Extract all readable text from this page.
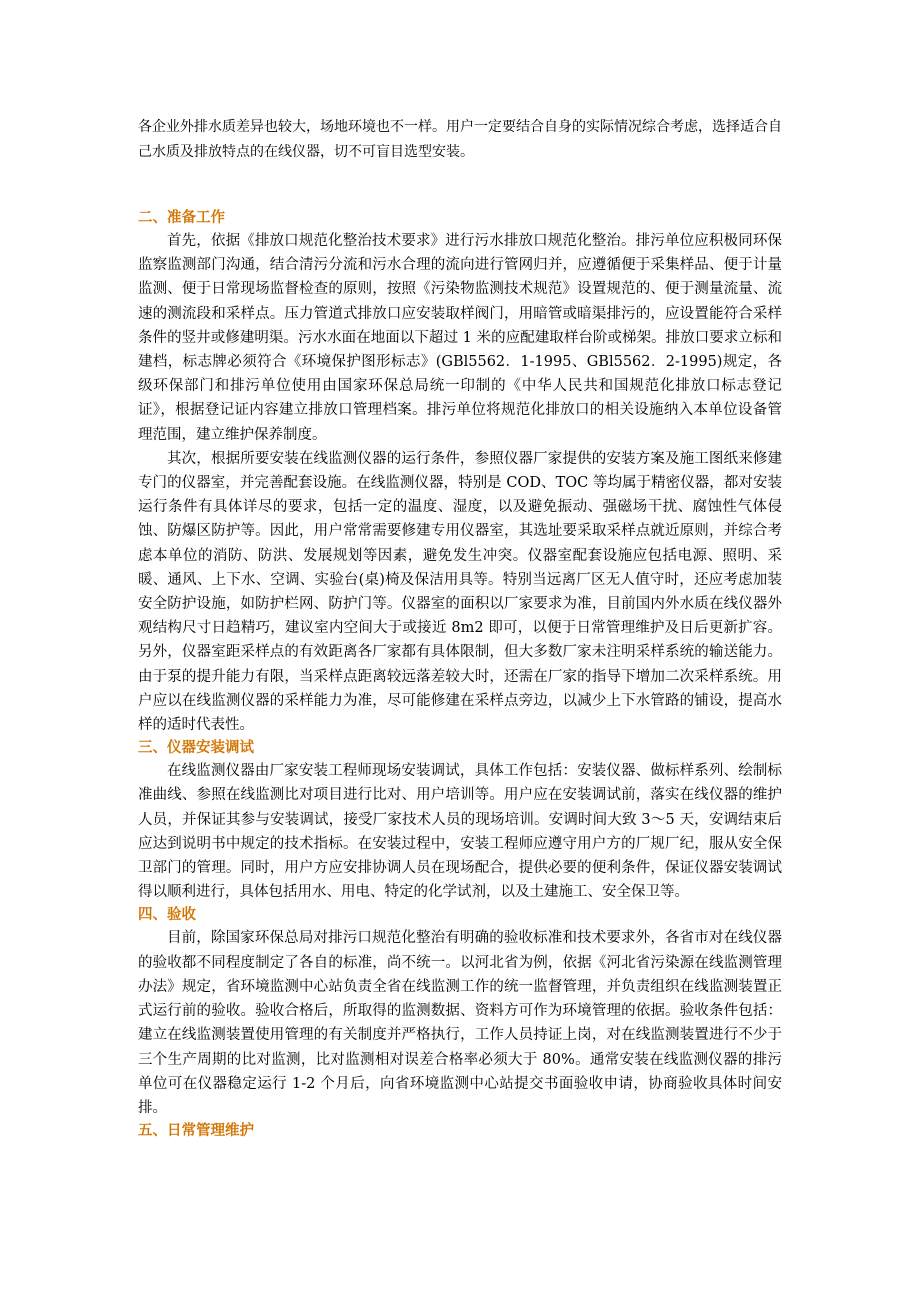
各企业外排水质差异也较大，场地环境也不一样。用户一定要结合自身的实际情况综合考虑，选择适合自己水质及排放特点的在线仪器，切不可盲目选型安装。

二、准备工作

首先，依据《排放口规范化整治技术要求》进行污水排放口规范化整治。排污单位应积极同环保监察监测部门沟通，结合清污分流和污水合理的流向进行管网归并，应遵循便于采集样品、便于计量监测、便于日常现场监督检查的原则，按照《污染物监测技术规范》设置规范的、便于测量流量、流速的测流段和采样点。压力管道式排放口应安装取样阀门，用暗管或暗渠排污的，应设置能符合采样条件的竖井或修建明渠。污水水面在地面以下超过 1 米的应配建取样台阶或梯架。排放口要求立标和建档，标志牌必须符合《环境保护图形标志》(GBl5562．1-1995、GBl5562．2-1995)规定，各级环保部门和排污单位使用由国家环保总局统一印制的《中华人民共和国规范化排放口标志登记证》，根据登记证内容建立排放口管理档案。排污单位将规范化排放口的相关设施纳入本单位设备管理范围，建立维护保养制度。

其次，根据所要安装在线监测仪器的运行条件，参照仪器厂家提供的安装方案及施工图纸来修建专门的仪器室，并完善配套设施。在线监测仪器，特别是 COD、TOC 等均属于精密仪器，都对安装运行条件有具体详尽的要求，包括一定的温度、湿度，以及避免振动、强磁场干扰、腐蚀性气体侵蚀、防爆区防护等。因此，用户常常需要修建专用仪器室，其选址要采取采样点就近原则，并综合考虑本单位的消防、防洪、发展规划等因素，避免发生冲突。仪器室配套设施应包括电源、照明、采暖、通风、上下水、空调、实验台(桌)椅及保洁用具等。特别当远离厂区无人值守时，还应考虑加装安全防护设施，如防护栏网、防护门等。仪器室的面积以厂家要求为准，目前国内外水质在线仪器外观结构尺寸日趋精巧，建议室内空间大于或接近 8m2 即可，以便于日常管理维护及日后更新扩容。另外，仪器室距采样点的有效距离各厂家都有具体限制，但大多数厂家未注明采样系统的输送能力。由于泵的提升能力有限，当采样点距离较远落差较大时，还需在厂家的指导下增加二次采样系统。用户应以在线监测仪器的采样能力为准，尽可能修建在采样点旁边，以减少上下水管路的铺设，提高水样的适时代表性。

三、仪器安装调试

在线监测仪器由厂家安装工程师现场安装调试，具体工作包括：安装仪器、做标样系列、绘制标准曲线、参照在线监测比对项目进行比对、用户培训等。用户应在安装调试前，落实在线仪器的维护人员，并保证其参与安装调试，接受厂家技术人员的现场培训。安调时间大致 3～5 天，安调结束后应达到说明书中规定的技术指标。在安装过程中，安装工程师应遵守用户方的厂规厂纪，服从安全保卫部门的管理。同时，用户方应安排协调人员在现场配合，提供必要的便利条件，保证仪器安装调试得以顺利进行，具体包括用水、用电、特定的化学试剂，以及土建施工、安全保卫等。

四、验收

目前，除国家环保总局对排污口规范化整治有明确的验收标准和技术要求外，各省市对在线仪器的验收都不同程度制定了各自的标准，尚不统一。以河北省为例，依据《河北省污染源在线监测管理办法》规定，省环境监测中心站负责全省在线监测工作的统一监督管理，并负责组织在线监测装置正式运行前的验收。验收合格后，所取得的监测数据、资料方可作为环境管理的依据。验收条件包括：建立在线监测装置使用管理的有关制度并严格执行，工作人员持证上岗，对在线监测装置进行不少于三个生产周期的比对监测，比对监测相对误差合格率必须大于 80%。通常安装在线监测仪器的排污单位可在仪器稳定运行 1-2 个月后，向省环境监测中心站提交书面验收申请，协商验收具体时间安排。

五、日常管理维护
